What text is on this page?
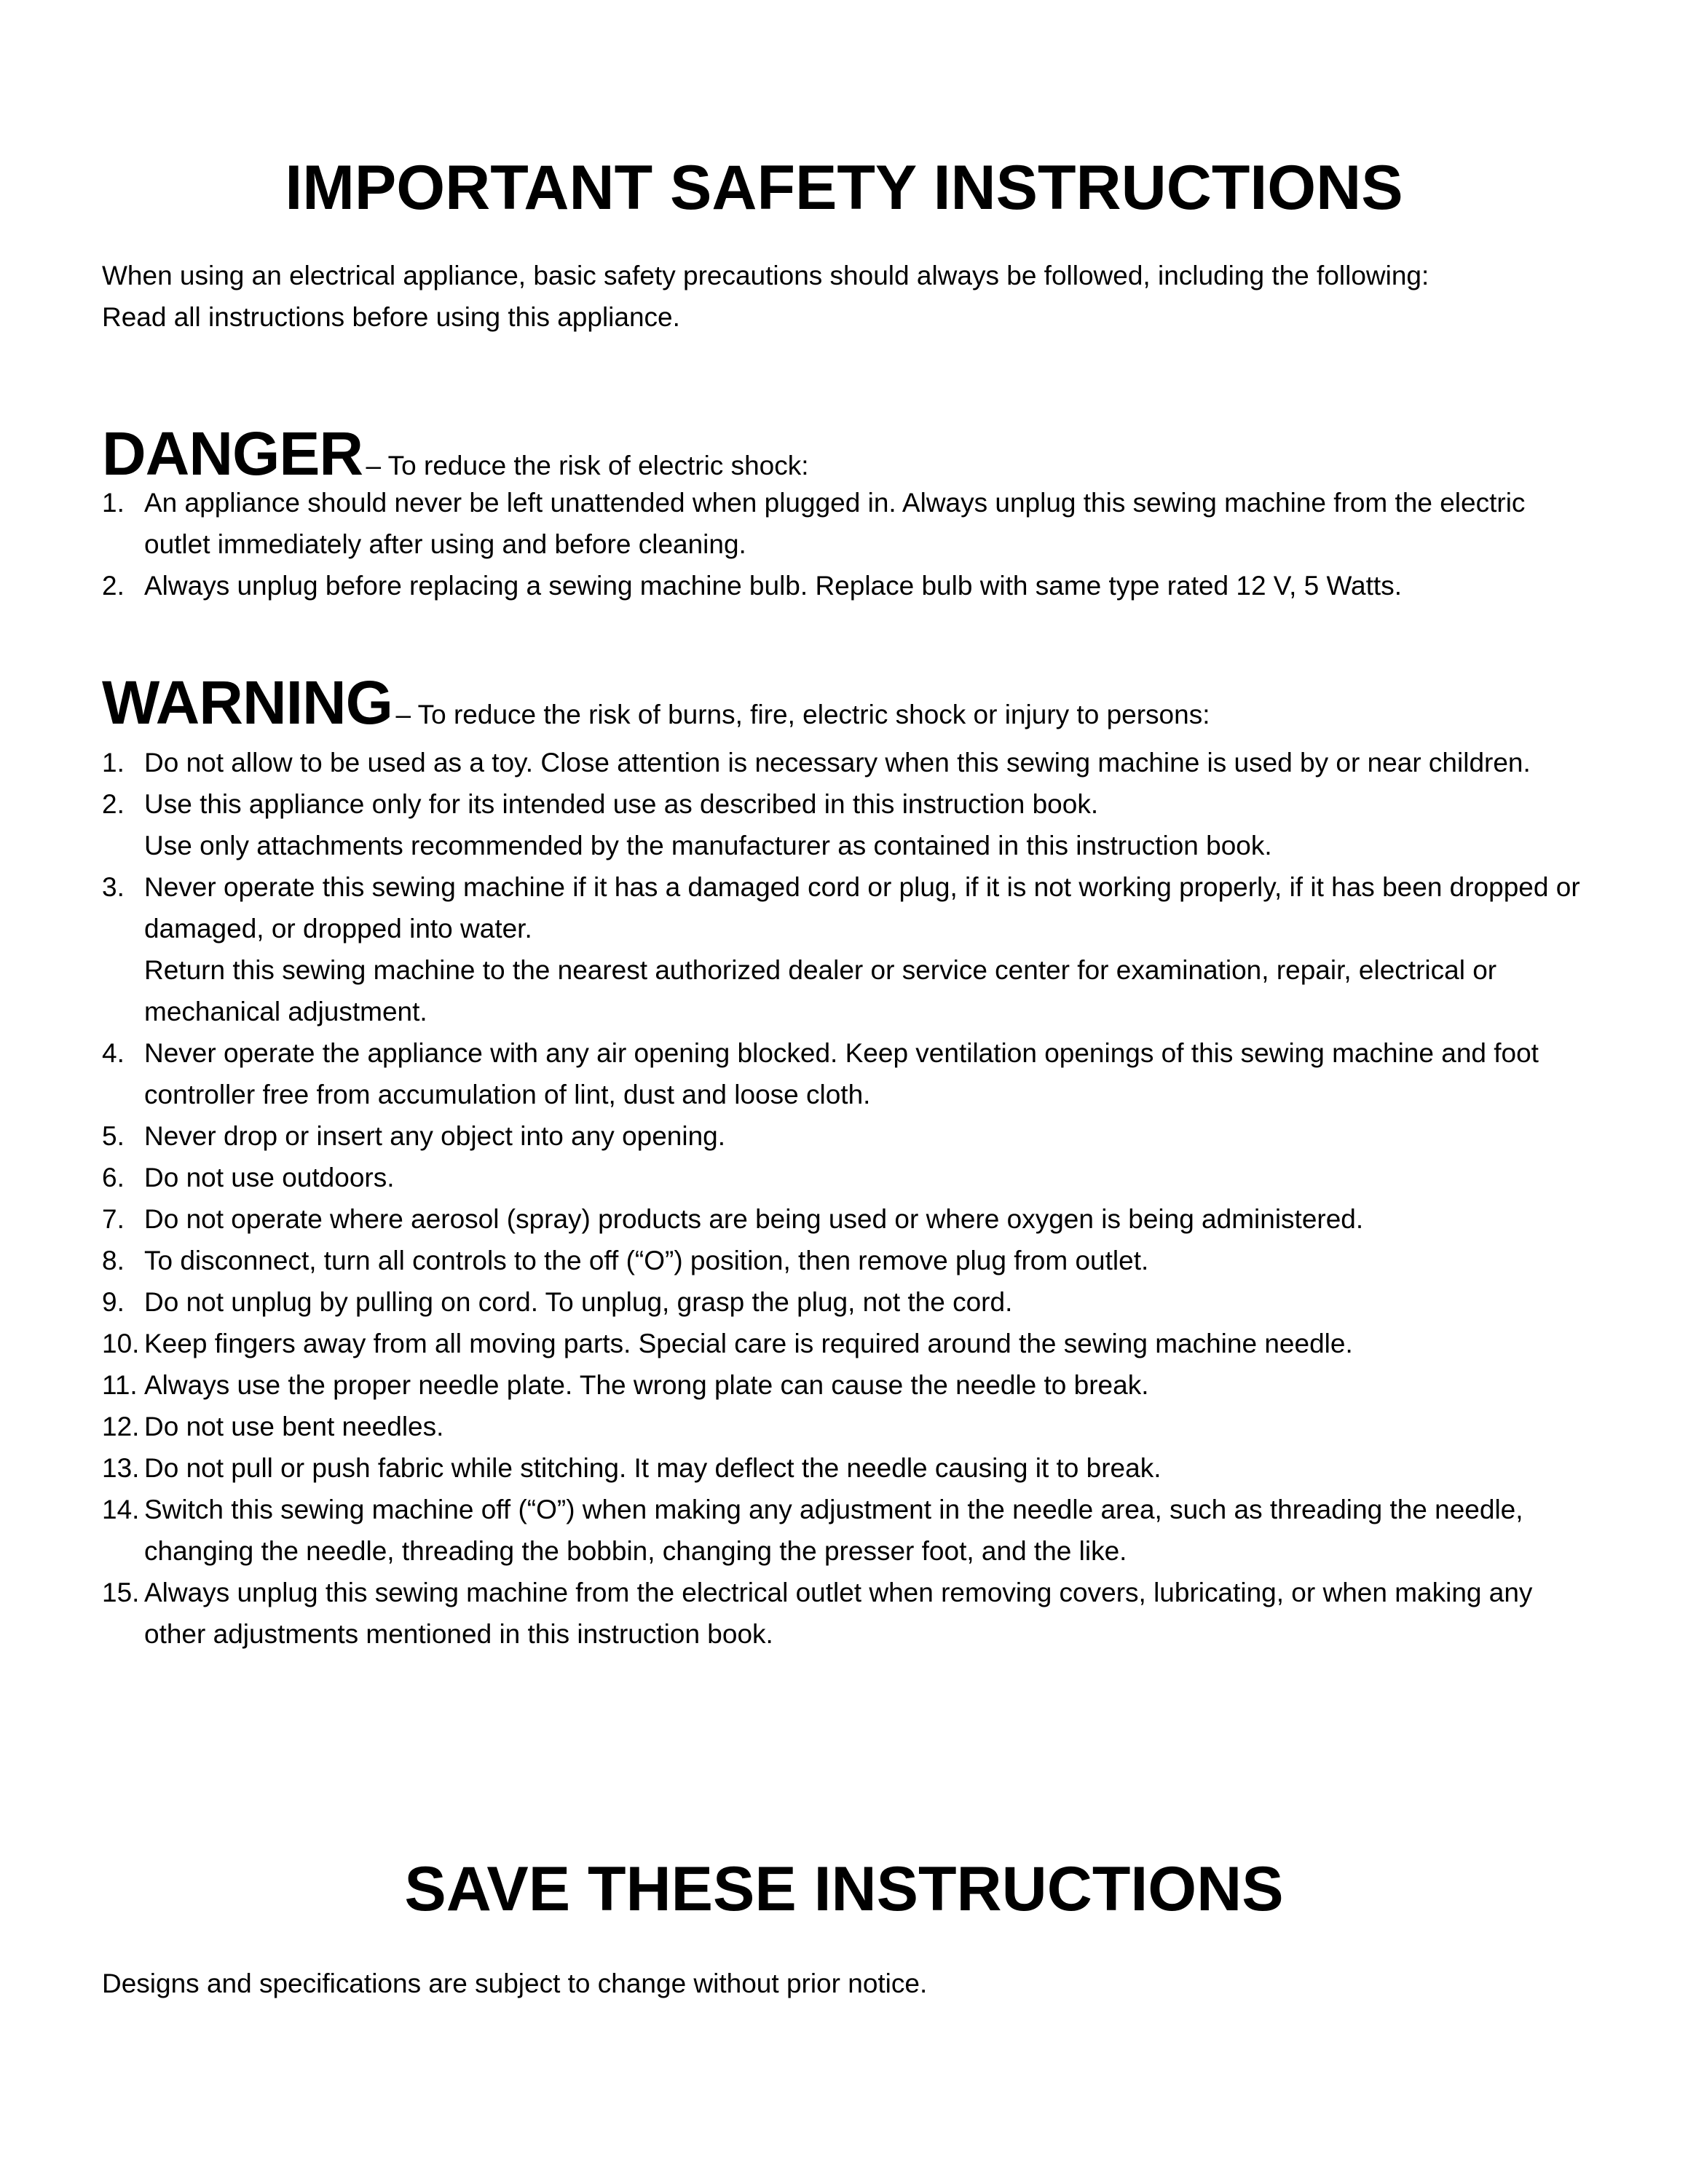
IMPORTANT SAFETY INSTRUCTIONS

When using an electrical appliance, basic safety precautions should always be followed, including the following:

Read all instructions before using this appliance.

DANGER – To reduce the risk of electric shock:
1. An appliance should never be left unattended when plugged in. Always unplug this sewing machine from the electric
outlet immediately after using and before cleaning.
2. Always unplug before replacing a sewing machine bulb. Replace bulb with same type rated 12 V, 5 Watts.
WARNING – To reduce the risk of burns, fire, electric shock or injury to persons:
1. Do not allow to be used as a toy. Close attention is necessary when this sewing machine is used by or near children.
2. Use this appliance only for its intended use as described in this instruction book.
Use only attachments recommended by the manufacturer as contained in this instruction book.
3. Never operate this sewing machine if it has a damaged cord or plug, if it is not working properly, if it has been dropped or
damaged, or dropped into water.
Return this sewing machine to the nearest authorized dealer or service center for examination, repair, electrical or
mechanical adjustment.
4. Never operate the appliance with any air opening blocked. Keep ventilation openings of this sewing machine and foot
controller free from accumulation of lint, dust and loose cloth.
5. Never drop or insert any object into any opening.
6. Do not use outdoors.
7. Do not operate where aerosol (spray) products are being used or where oxygen is being administered.
8. To disconnect, turn all controls to the off (“O”) position, then remove plug from outlet.
9. Do not unplug by pulling on cord. To unplug, grasp the plug, not the cord.
10. Keep fingers away from all moving parts. Special care is required around the sewing machine needle.
11. Always use the proper needle plate. The wrong plate can cause the needle to break.
12. Do not use bent needles.
13. Do not pull or push fabric while stitching. It may deflect the needle causing it to break.
14. Switch this sewing machine off (“O”) when making any adjustment in the needle area, such as threading the needle,
changing the needle, threading the bobbin, changing the presser foot, and the like.
15. Always unplug this sewing machine from the electrical outlet when removing covers, lubricating, or when making any
other adjustments mentioned in this instruction book.
SAVE THESE INSTRUCTIONS

Designs and specifications are subject to change without prior notice.
